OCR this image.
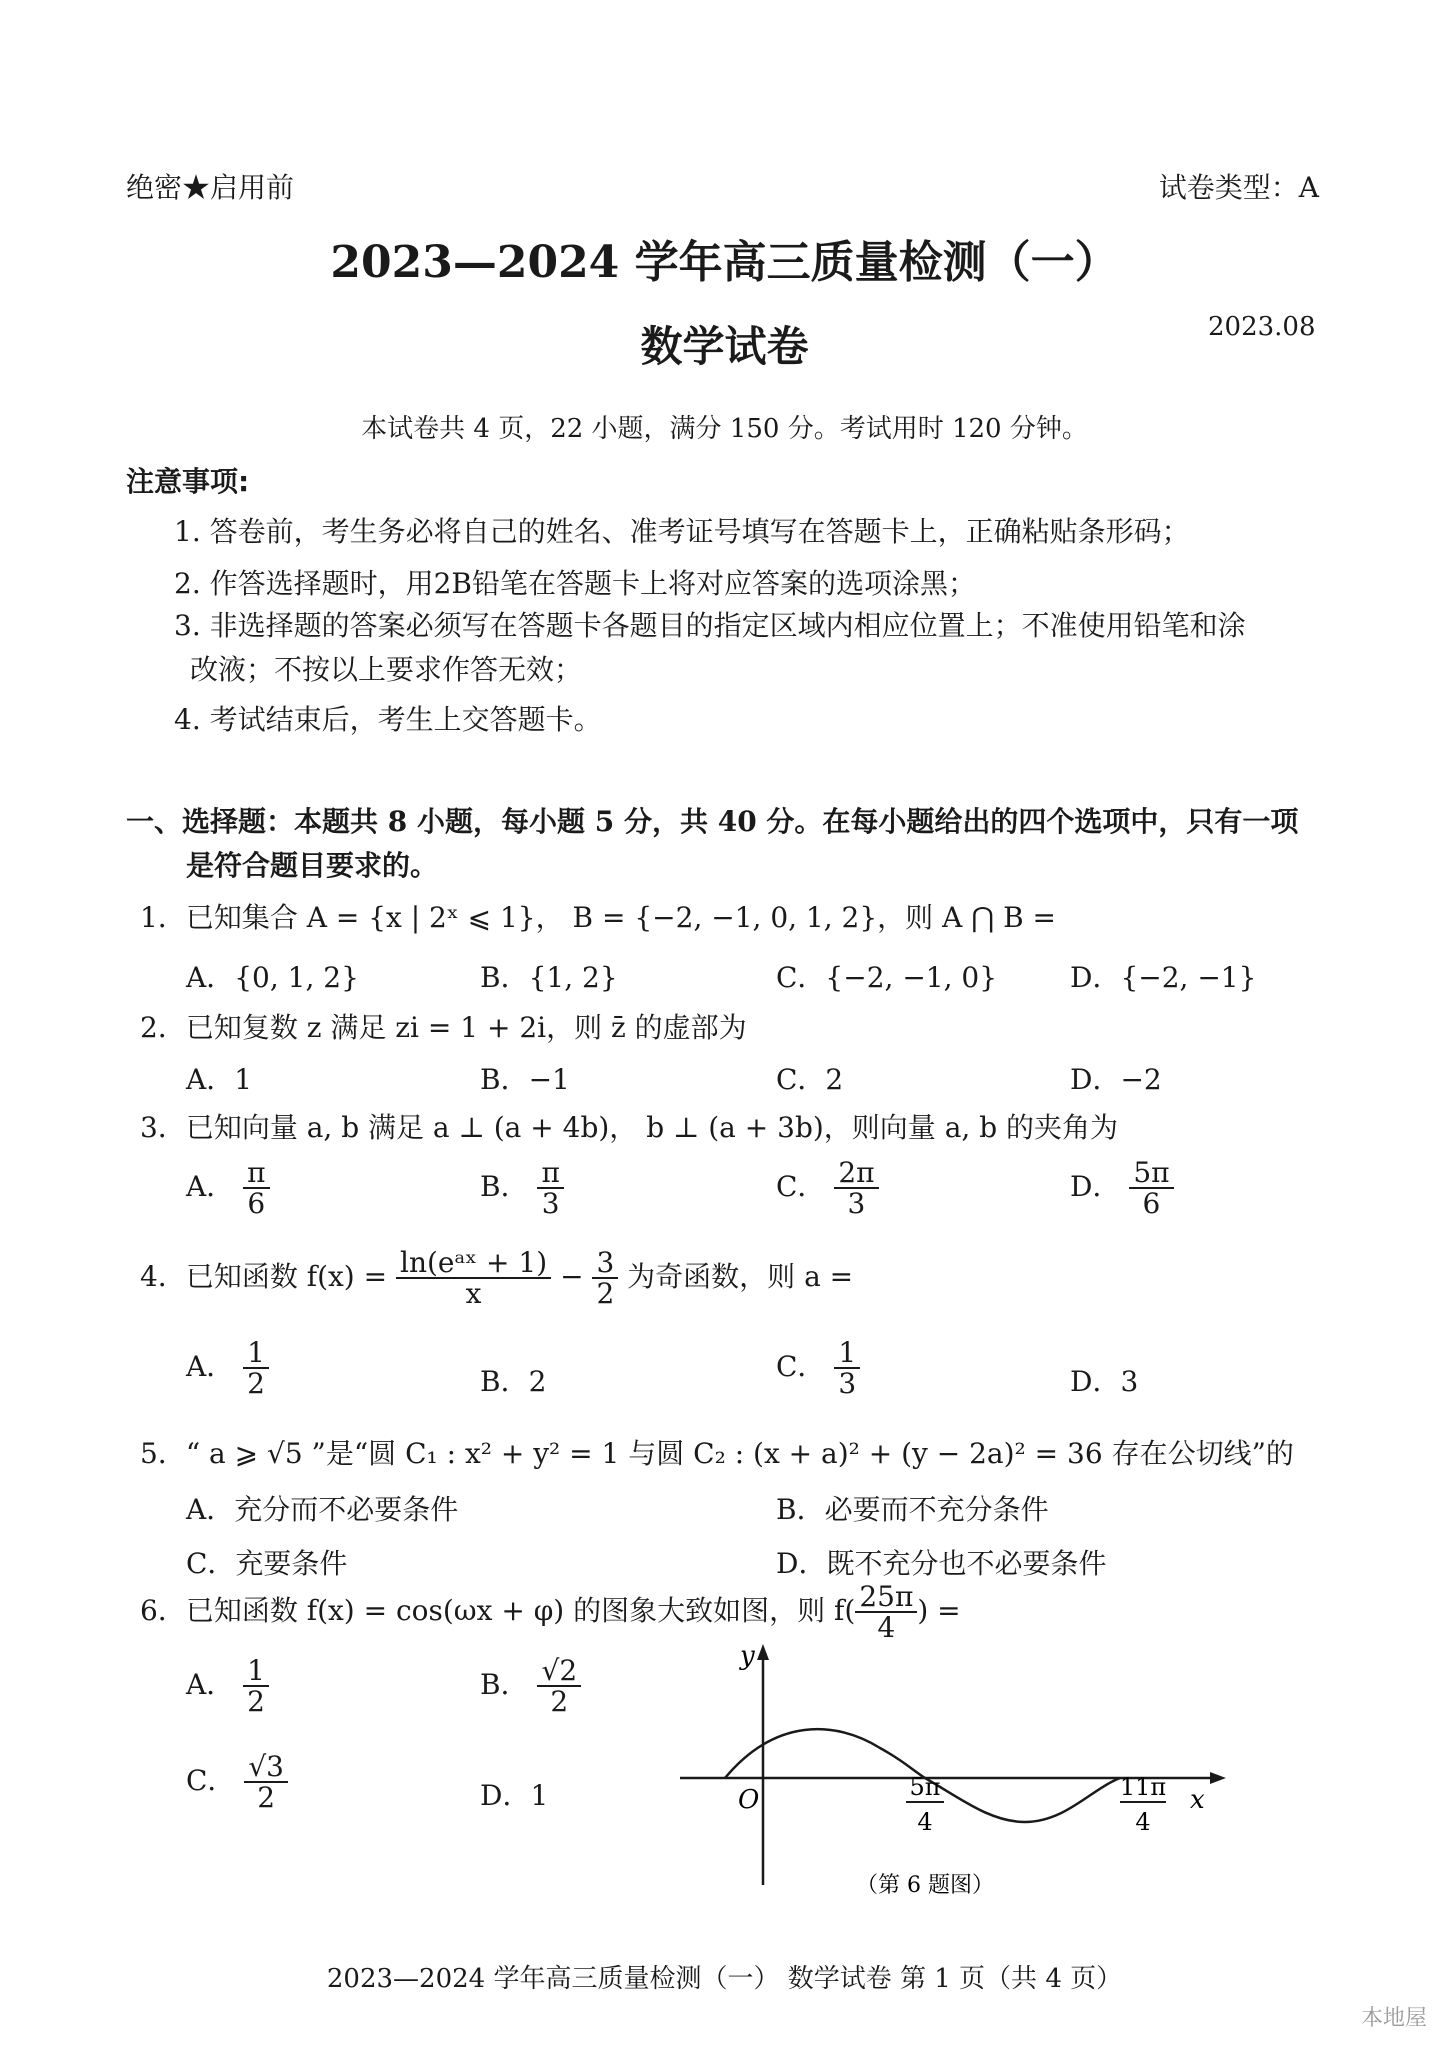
绝密★启用前	试卷类型：A
2023—2024 学年高三质量检测（一）
数学试卷	2023.08
本试卷共 4 页，22 小题，满分 150 分。考试用时 120 分钟。
注意事项:
1. 答卷前，考生务必将自己的姓名、准考证号填写在答题卡上，正确粘贴条形码；
2. 作答选择题时，用2B铅笔在答题卡上将对应答案的选项涂黑；
3. 非选择题的答案必须写在答题卡各题目的指定区域内相应位置上；不准使用铅笔和涂
改液；不按以上要求作答无效；
4. 考试结束后，考生上交答题卡。
一、选择题：本题共 8 小题，每小题 5 分，共 40 分。在每小题给出的四个选项中，只有一项
是符合题目要求的。
1．已知集合 A = {x | 2ˣ ⩽ 1}， B = {−2, −1, 0, 1, 2}，则 A ⋂ B =
A．{0, 1, 2}	B．{1, 2}	C．{−2, −1, 0}	D．{−2, −1}
2．已知复数 z 满足 zi = 1 + 2i，则 z̄ 的虚部为
A．1	B．−1	C．2	D．−2
3．已知向量 a, b 满足 a ⊥ (a + 4b)， b ⊥ (a + 3b)，则向量 a, b 的夹角为
A． $\frac{\pi}{6}$	B． $\frac{\pi}{3}$	C． $\frac{2\pi}{3}$	D． $\frac{5\pi}{6}$
4．已知函数 $f(x) = \frac{\text{ln(eᵃˣ + 1)}}{x} - \frac{3}{2}$ 为奇函数，则 a =
A． $\frac{1}{2}$	B．2	C． $\frac{1}{3}$	D．3
5．“ a ⩾ √5 ”是“圆 C₁ : x² + y² = 1 与圆 C₂ : (x + a)² + (y − 2a)² = 36 存在公切线”的
A．充分而不必要条件	B．必要而不充分条件
C．充要条件	D．既不充分也不必要条件
6．已知函数 f(x) = cos(ωx + φ) 的图象大致如图，则 $f( \frac{25\pi}{4}$ ) =
A． $\frac{1}{2}$	B． $\frac{√2}{2}$
C． $\frac{√3}{2}$	D．1
y
x
O	5π
4
11π
4
（第 6 题图）
2023—2024 学年高三质量检测（一） 数学试卷 第 1 页（共 4 页）
本地屋
